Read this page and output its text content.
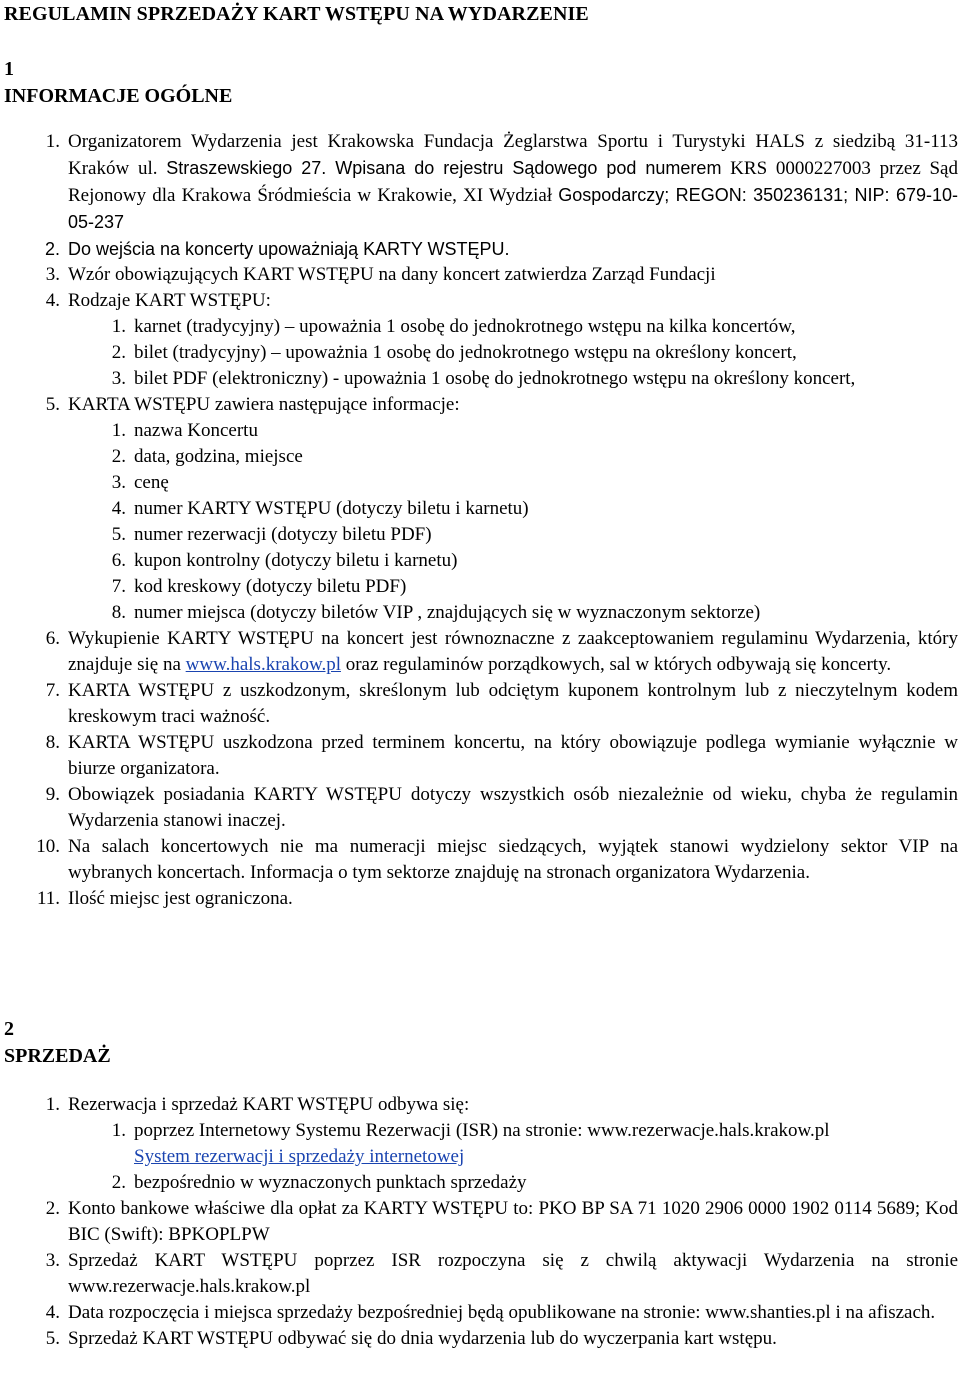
REGULAMIN SPRZEDAŻY KART WSTĘPU NA WYDARZENIE
1
INFORMACJE OGÓLNE
1. Organizatorem Wydarzenia jest Krakowska Fundacja Żeglarstwa Sportu i Turystyki HALS z siedzibą 31-113 Kraków ul. Straszewskiego 27. Wpisana do rejestru Sądowego pod numerem KRS 0000227003 przez Sąd Rejonowy dla Krakowa Śródmieścia w Krakowie, XI Wydział Gospodarczy; REGON: 350236131; NIP: 679-10-05-237
2. Do wejścia na koncerty upoważniają KARTY WSTĘPU.
3. Wzór obowiązujących KART WSTĘPU na dany koncert zatwierdza Zarząd Fundacji
4. Rodzaje KART WSTĘPU:
1. karnet (tradycyjny) – upoważnia 1 osobę do jednokrotnego wstępu na kilka koncertów,
2. bilet (tradycyjny) – upoważnia 1 osobę do jednokrotnego wstępu na określony koncert,
3. bilet PDF (elektroniczny) - upoważnia 1 osobę do jednokrotnego wstępu na określony koncert,
5. KARTA WSTĘPU zawiera następujące informacje:
1. nazwa Koncertu
2. data, godzina, miejsce
3. cenę
4. numer KARTY WSTĘPU (dotyczy biletu i karnetu)
5. numer rezerwacji (dotyczy biletu PDF)
6. kupon kontrolny (dotyczy biletu i karnetu)
7. kod kreskowy (dotyczy biletu PDF)
8. numer miejsca (dotyczy biletów VIP , znajdujących się w wyznaczonym sektorze)
6. Wykupienie KARTY WSTĘPU na koncert jest równoznaczne z zaakceptowaniem regulaminu Wydarzenia, który znajduje się na www.hals.krakow.pl oraz regulaminów porządkowych, sal w których odbywają się koncerty.
7. KARTA WSTĘPU z uszkodzonym, skreślonym lub odciętym kuponem kontrolnym lub z nieczytelnym kodem kreskowym traci ważność.
8. KARTA WSTĘPU uszkodzona przed terminem koncertu, na który obowiązuje podlega wymianie wyłącznie w biurze organizatora.
9. Obowiązek posiadania KARTY WSTĘPU dotyczy wszystkich osób niezależnie od wieku, chyba że regulamin Wydarzenia stanowi inaczej.
10. Na salach koncertowych nie ma numeracji miejsc siedzących, wyjątek stanowi wydzielony sektor VIP na wybranych koncertach. Informacja o tym sektorze znajduję na stronach organizatora Wydarzenia.
11. Ilość miejsc jest ograniczona.
2
SPRZEDAŻ
1. Rezerwacja i sprzedaż KART WSTĘPU odbywa się:
1. poprzez Internetowy Systemu Rezerwacji (ISR) na stronie: www.rezerwacje.hals.krakow.pl
System rezerwacji i sprzedaży internetowej
2. bezpośrednio w wyznaczonych punktach sprzedaży
2. Konto bankowe właściwe dla opłat za KARTY WSTĘPU to: PKO BP SA 71 1020 2906 0000 1902 0114 5689; Kod BIC (Swift): BPKOPLPW
3. Sprzedaż KART WSTĘPU poprzez ISR rozpoczyna się z chwilą aktywacji Wydarzenia na stronie www.rezerwacje.hals.krakow.pl
4. Data rozpoczęcia i miejsca sprzedaży bezpośredniej będą opublikowane na stronie: www.shanties.pl i na afiszach.
5. Sprzedaż KART WSTĘPU odbywać się do dnia wydarzenia lub do wyczerpania kart wstępu.
